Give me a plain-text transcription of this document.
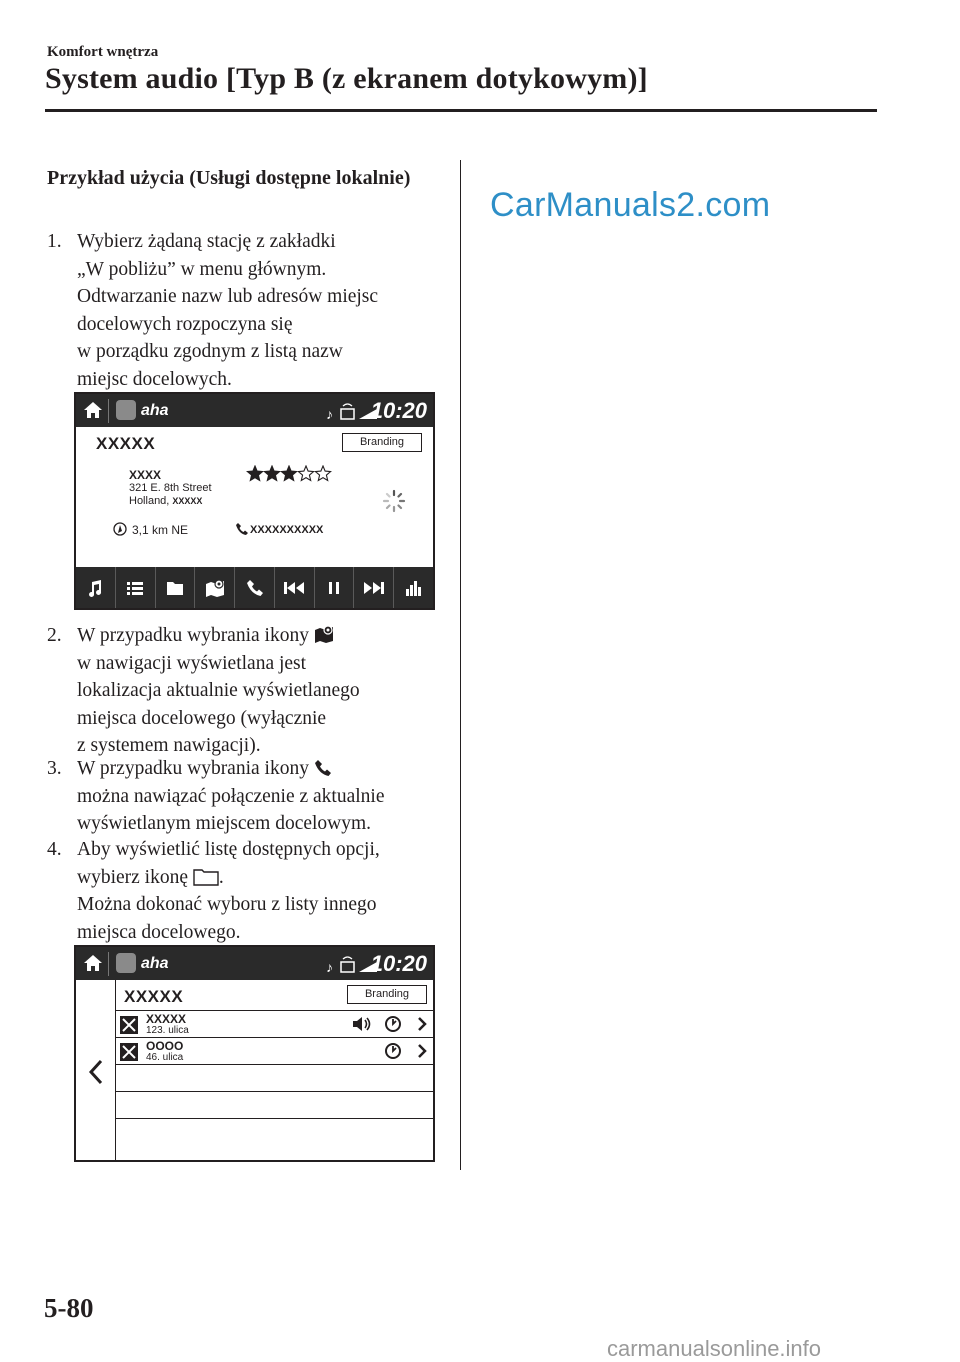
Komfort wnętrza
System audio [Typ B (z ekranem dotykowym)]
CarManuals2.com
Przykład użycia (Usługi dostępne lokalnie)
1. Wybierz żądaną stację z zakładki

„W pobliżu” w menu głównym.

Odtwarzanie nazw lub adresów miejsc

docelowych rozpoczyna się

w porządku zgodnym z listą nazw

miejsc docelowych.

aha	♪ 10:20
XXXXX	Branding
XXXX
321 E. 8th Street
Holland, XXXXX
3,1 km NE	XXXXXXXXXX
2. W przypadku wybrania ikony

w nawigacji wyświetlana jest

lokalizacja aktualnie wyświetlanego

miejsca docelowego (wyłącznie

z systemem nawigacji).

3. W przypadku wybrania ikony

można nawiązać połączenie z aktualnie

wyświetlanym miejscem docelowym.

4. Aby wyświetlić listę dostępnych opcji,

wybierz ikonę .

Można dokonać wyboru z listy innego

miejsca docelowego.

aha	♪ 10:20
XXXXX	Branding
XXXXX
123. ulica
OOOO
46. ulica
5-80
carmanualsonline.info
